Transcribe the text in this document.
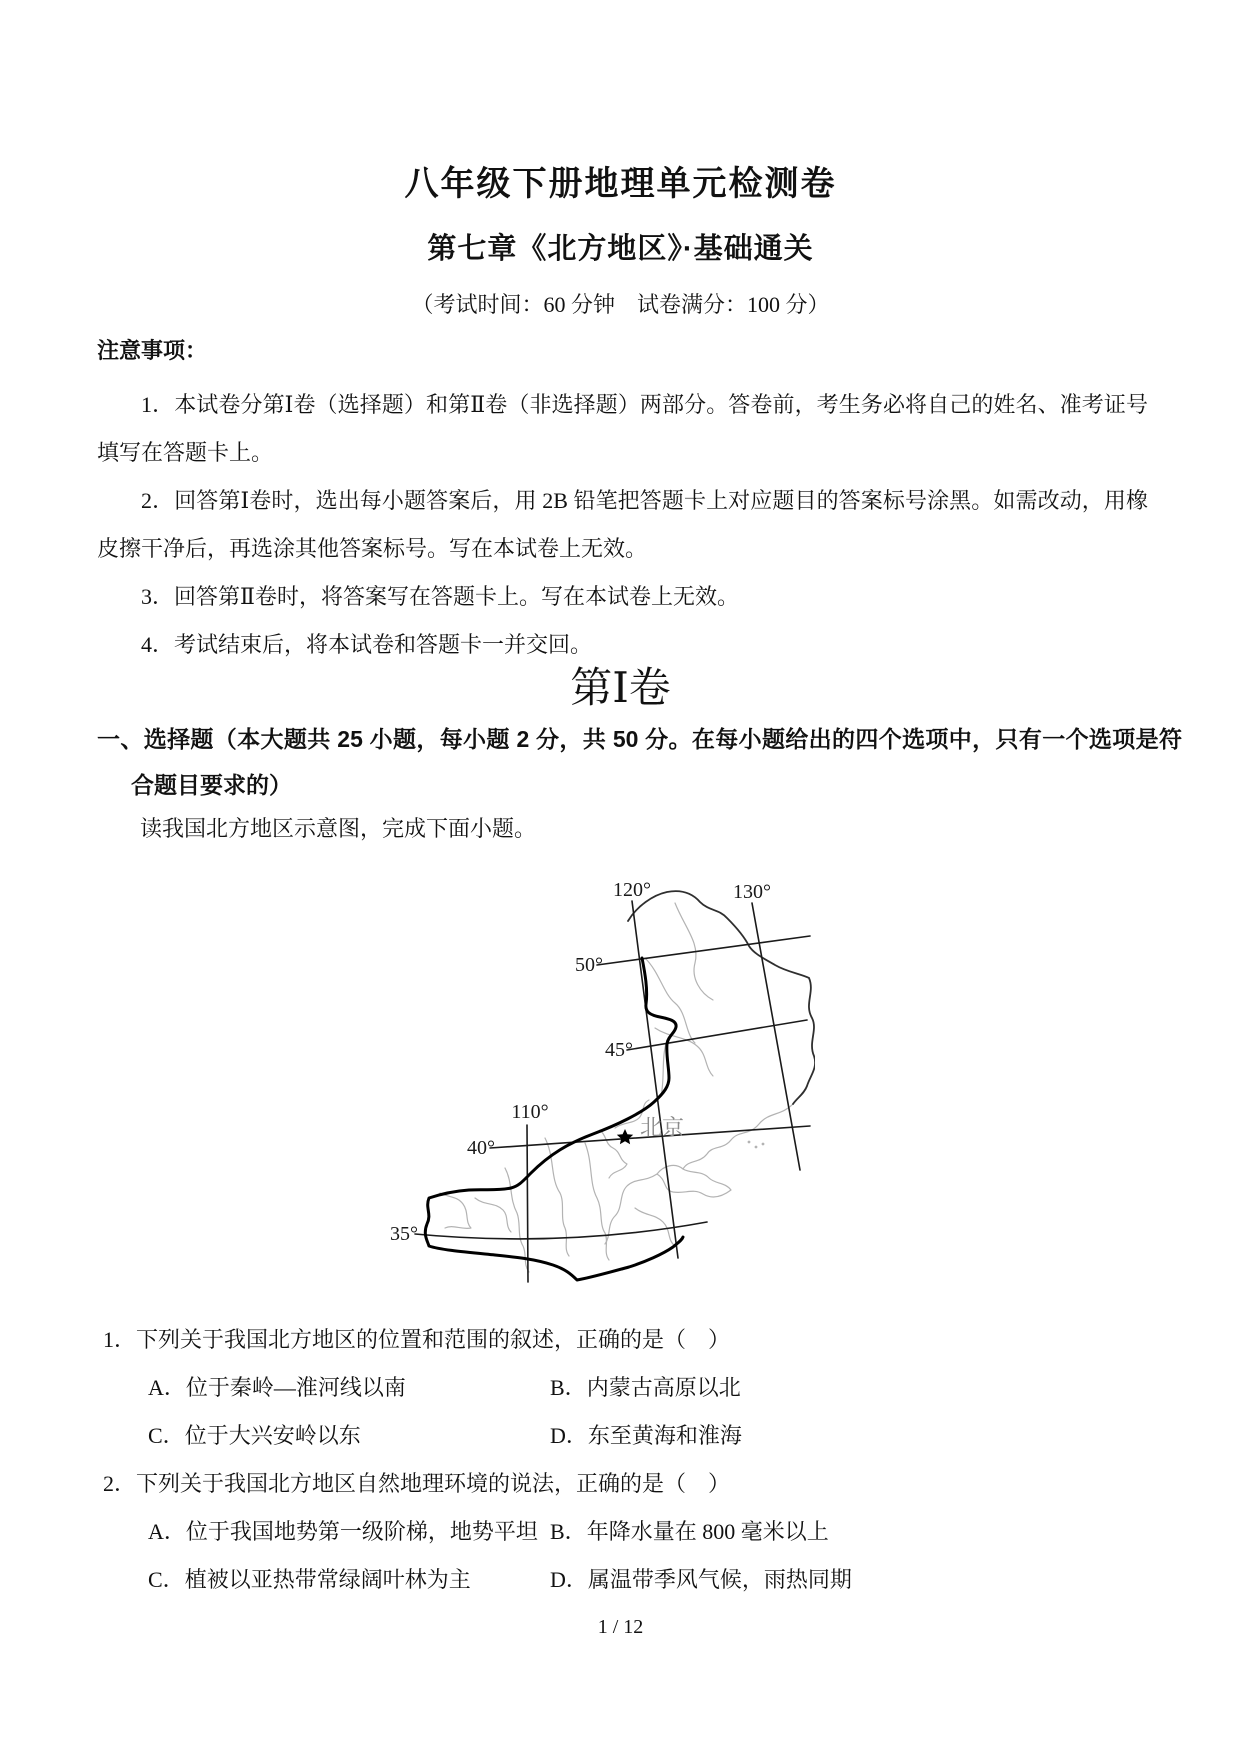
八年级下册地理单元检测卷
第七章《北方地区》·基础通关
（考试时间：60 分钟　试卷满分：100 分）
注意事项：

1．本试卷分第Ⅰ卷（选择题）和第Ⅱ卷（非选择题）两部分。答卷前，考生务必将自己的姓名、准考证号填写在答题卡上。

2．回答第Ⅰ卷时，选出每小题答案后，用 2B 铅笔把答题卡上对应题目的答案标号涂黑。如需改动，用橡皮擦干净后，再选涂其他答案标号。写在本试卷上无效。

3．回答第Ⅱ卷时，将答案写在答题卡上。写在本试卷上无效。

4．考试结束后，将本试卷和答题卡一并交回。

第Ⅰ卷
一、选择题（本大题共 25 小题，每小题 2 分，共 50 分。在每小题给出的四个选项中，只有一个选项是符合题目要求的）
读我国北方地区示意图，完成下面小题。
120°	130°
50°
45°
110°
40°
35°
北京
1．下列关于我国北方地区的位置和范围的叙述，正确的是（　）
A．位于秦岭—淮河线以南	B．内蒙古高原以北
C．位于大兴安岭以东	D．东至黄海和淮海
2．下列关于我国北方地区自然地理环境的说法，正确的是（　）
A．位于我国地势第一级阶梯，地势平坦 B．年降水量在 800 毫米以上
C．植被以亚热带常绿阔叶林为主	D．属温带季风气候，雨热同期
1 / 12
